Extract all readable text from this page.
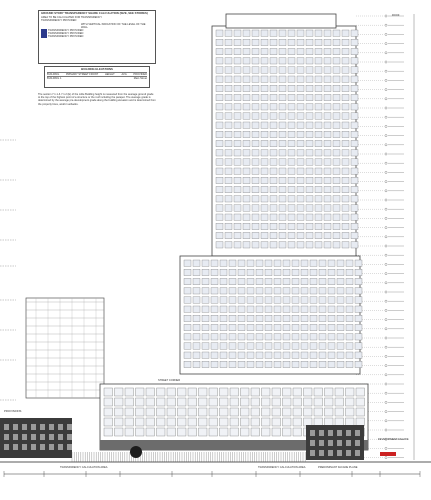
GROUND STORY TRANSPARENCY SHARE CALCULATION (SIZE, SEE STORIES)
AREA TO BE CALCULATED FOR TRANSPARENCY
TRANSPARENCY PROVIDED
WITH VERTICAL INDICATION OF THE LEVEL OF THE WALL
TRANSPARENCY PROVIDED
TRANSPARENCY PROVIDED
TRANSPARENCY PROVIDED
BUILDING ELEVATIONS
BUILDING	PRIMARY STREET FRONT	HEIGHT	AVG	PROVIDED
BUILDING 1	Main Street
The section 7.1.1 & 7.1.2 (E) of the Little Building height is measured from the average ground grade to the top of the highest point of a structure or the roof including the parapet. The average grade is determined by the average pre-development grade along the building elevation and is determined from the property lines, and/or setbacks.
PROVISIONS
TRANSPARENCY CALCULATION AREA	TRANSPARENCY CALCULATION AREA	PREDOMINANT FACADE PLANE
DEVELOPMENT FACADE
STREET CORNER
ROOF
